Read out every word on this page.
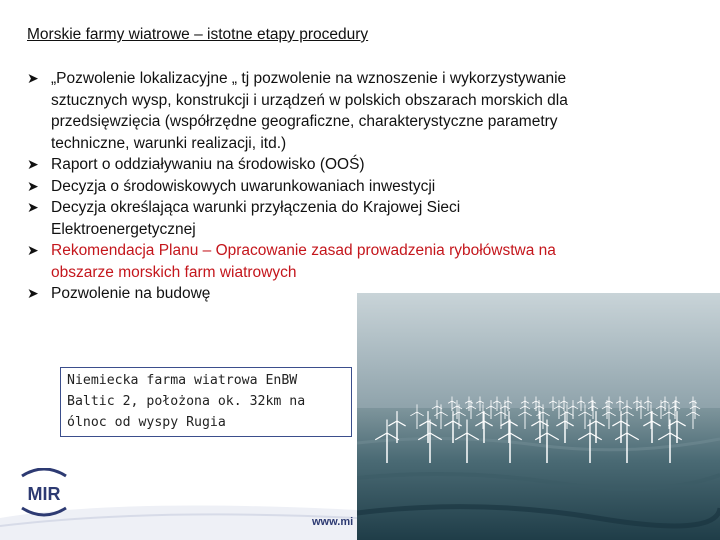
Morskie farmy wiatrowe – istotne etapy procedury
➤ „Pozwolenie lokalizacyjne „ tj pozwolenie na wznoszenie i wykorzystywanie
sztucznych wysp, konstrukcji i urządzeń w polskich obszarach morskich dla
przedsięwzięcia (współrzędne geograficzne, charakterystyczne parametry
techniczne, warunki realizacji, itd.)
➤ Raport o oddziaływaniu na środowisko (OOŚ)
➤ Decyzja o środowiskowych uwarunkowaniach inwestycji
➤ Decyzja określająca warunki przyłączenia do Krajowej Sieci
Elektroenergetycznej
➤ Rekomendacja Planu – Opracowanie zasad prowadzenia rybołówstwa na
obszarze morskich farm wiatrowych
➤ Pozwolenie na budowę
Niemiecka farma wiatrowa EnBW
Baltic 2, położona ok. 32km na
ólnoc od wyspy Rugia
MIR
www.mi
